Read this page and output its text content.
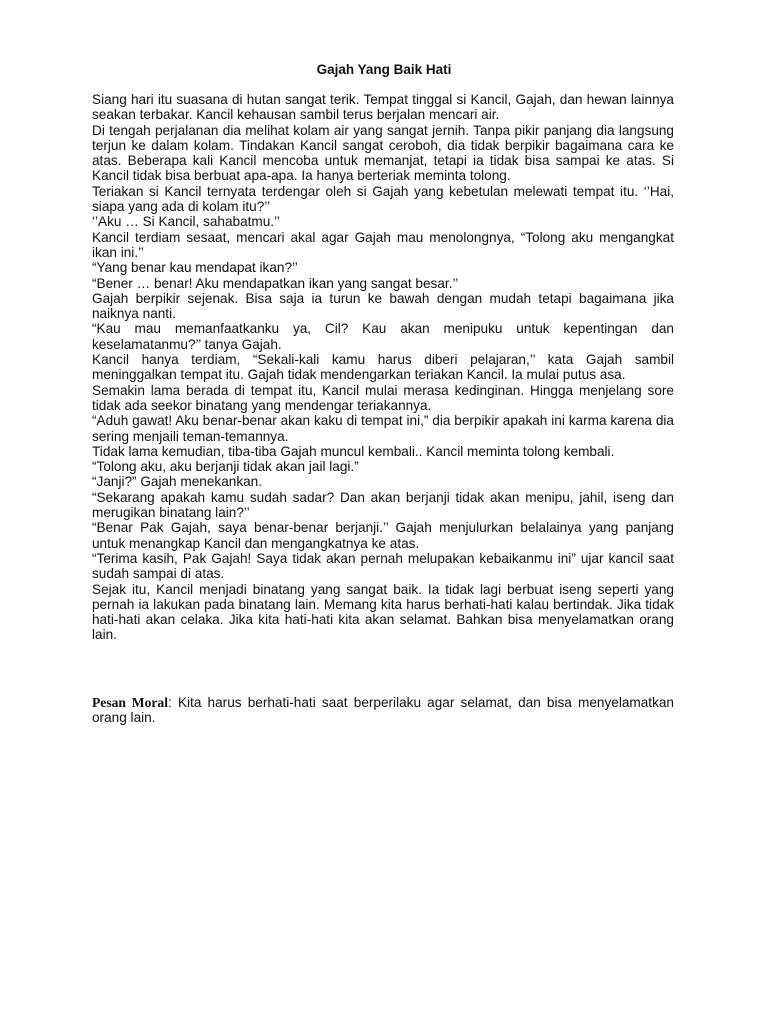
Gajah Yang Baik Hati

Siang hari itu suasana di hutan sangat terik. Tempat tinggal si Kancil, Gajah, dan hewan lainnya seakan terbakar. Kancil kehausan sambil terus berjalan mencari air.

Di tengah perjalanan dia melihat kolam air yang sangat jernih. Tanpa pikir panjang dia langsung terjun ke dalam kolam. Tindakan Kancil sangat ceroboh, dia tidak berpikir bagaimana cara ke atas. Beberapa kali Kancil mencoba untuk memanjat, tetapi ia tidak bisa sampai ke atas. Si Kancil tidak bisa berbuat apa-apa. Ia hanya berteriak meminta tolong.

Teriakan si Kancil ternyata terdengar oleh si Gajah yang kebetulan melewati tempat itu. ‘’Hai, siapa yang ada di kolam itu?’’

‘’Aku … Si Kancil, sahabatmu.’’

Kancil terdiam sesaat, mencari akal agar Gajah mau menolongnya, “Tolong aku mengangkat ikan ini.’’

“Yang benar kau mendapat ikan?’’

“Bener … benar! Aku mendapatkan ikan yang sangat besar.’’

Gajah berpikir sejenak. Bisa saja ia turun ke bawah dengan mudah tetapi bagaimana jika naiknya nanti.

“Kau mau memanfaatkanku ya, Cil? Kau akan menipuku untuk kepentingan dan keselamatanmu?’’ tanya Gajah.

Kancil hanya terdiam, “Sekali-kali kamu harus diberi pelajaran,’’ kata Gajah sambil meninggalkan tempat itu. Gajah tidak mendengarkan teriakan Kancil. Ia mulai putus asa.

Semakin lama berada di tempat itu, Kancil mulai merasa kedinginan. Hingga menjelang sore tidak ada seekor binatang yang mendengar teriakannya.

“Aduh gawat! Aku benar-benar akan kaku di tempat ini,” dia berpikir apakah ini karma karena dia sering menjaili teman-temannya.

Tidak lama kemudian, tiba-tiba Gajah muncul kembali.. Kancil meminta tolong kembali.

“Tolong aku, aku berjanji tidak akan jail lagi.”

“Janji?” Gajah menekankan.

“Sekarang apakah kamu sudah sadar? Dan akan berjanji tidak akan menipu, jahil, iseng dan merugikan binatang lain?’’

“Benar Pak Gajah, saya benar-benar berjanji.’’ Gajah menjulurkan belalainya yang panjang untuk menangkap Kancil dan mengangkatnya ke atas.

“Terima kasih, Pak Gajah! Saya tidak akan pernah melupakan kebaikanmu ini” ujar kancil saat sudah sampai di atas.

Sejak itu, Kancil menjadi binatang yang sangat baik. Ia tidak lagi berbuat iseng seperti yang pernah ia lakukan pada binatang lain. Memang kita harus berhati-hati kalau bertindak. Jika tidak hati-hati akan celaka. Jika kita hati-hati kita akan selamat. Bahkan bisa menyelamatkan orang lain.

Pesan Moral: Kita harus berhati-hati saat berperilaku agar selamat, dan bisa menyelamatkan orang lain.
